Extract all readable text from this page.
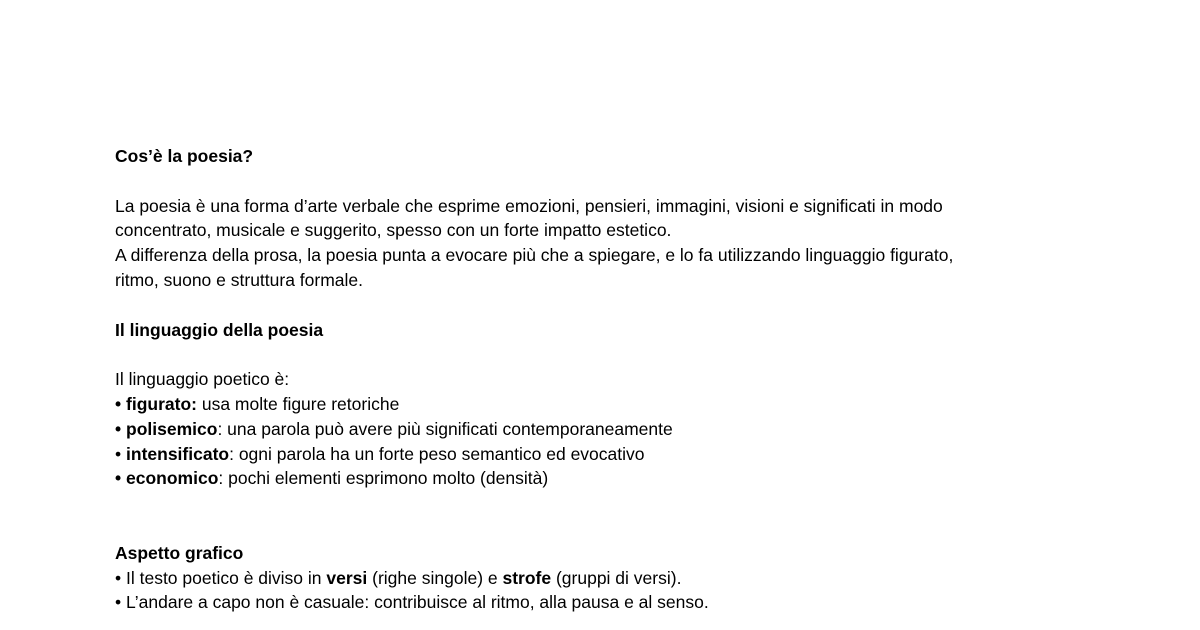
Cos’è la poesia?
La poesia è una forma d’arte verbale che esprime emozioni, pensieri, immagini, visioni e significati in modo
concentrato, musicale e suggerito, spesso con un forte impatto estetico.
A differenza della prosa, la poesia punta a evocare più che a spiegare, e lo fa utilizzando linguaggio figurato,
ritmo, suono e struttura formale.
Il linguaggio della poesia
Il linguaggio poetico è:
• figurato: usa molte figure retoriche
• polisemico: una parola può avere più significati contemporaneamente
• intensificato: ogni parola ha un forte peso semantico ed evocativo
• economico: pochi elementi esprimono molto (densità)
Aspetto grafico
• Il testo poetico è diviso in versi (righe singole) e strofe (gruppi di versi).
• L’andare a capo non è casuale: contribuisce al ritmo, alla pausa e al senso.
